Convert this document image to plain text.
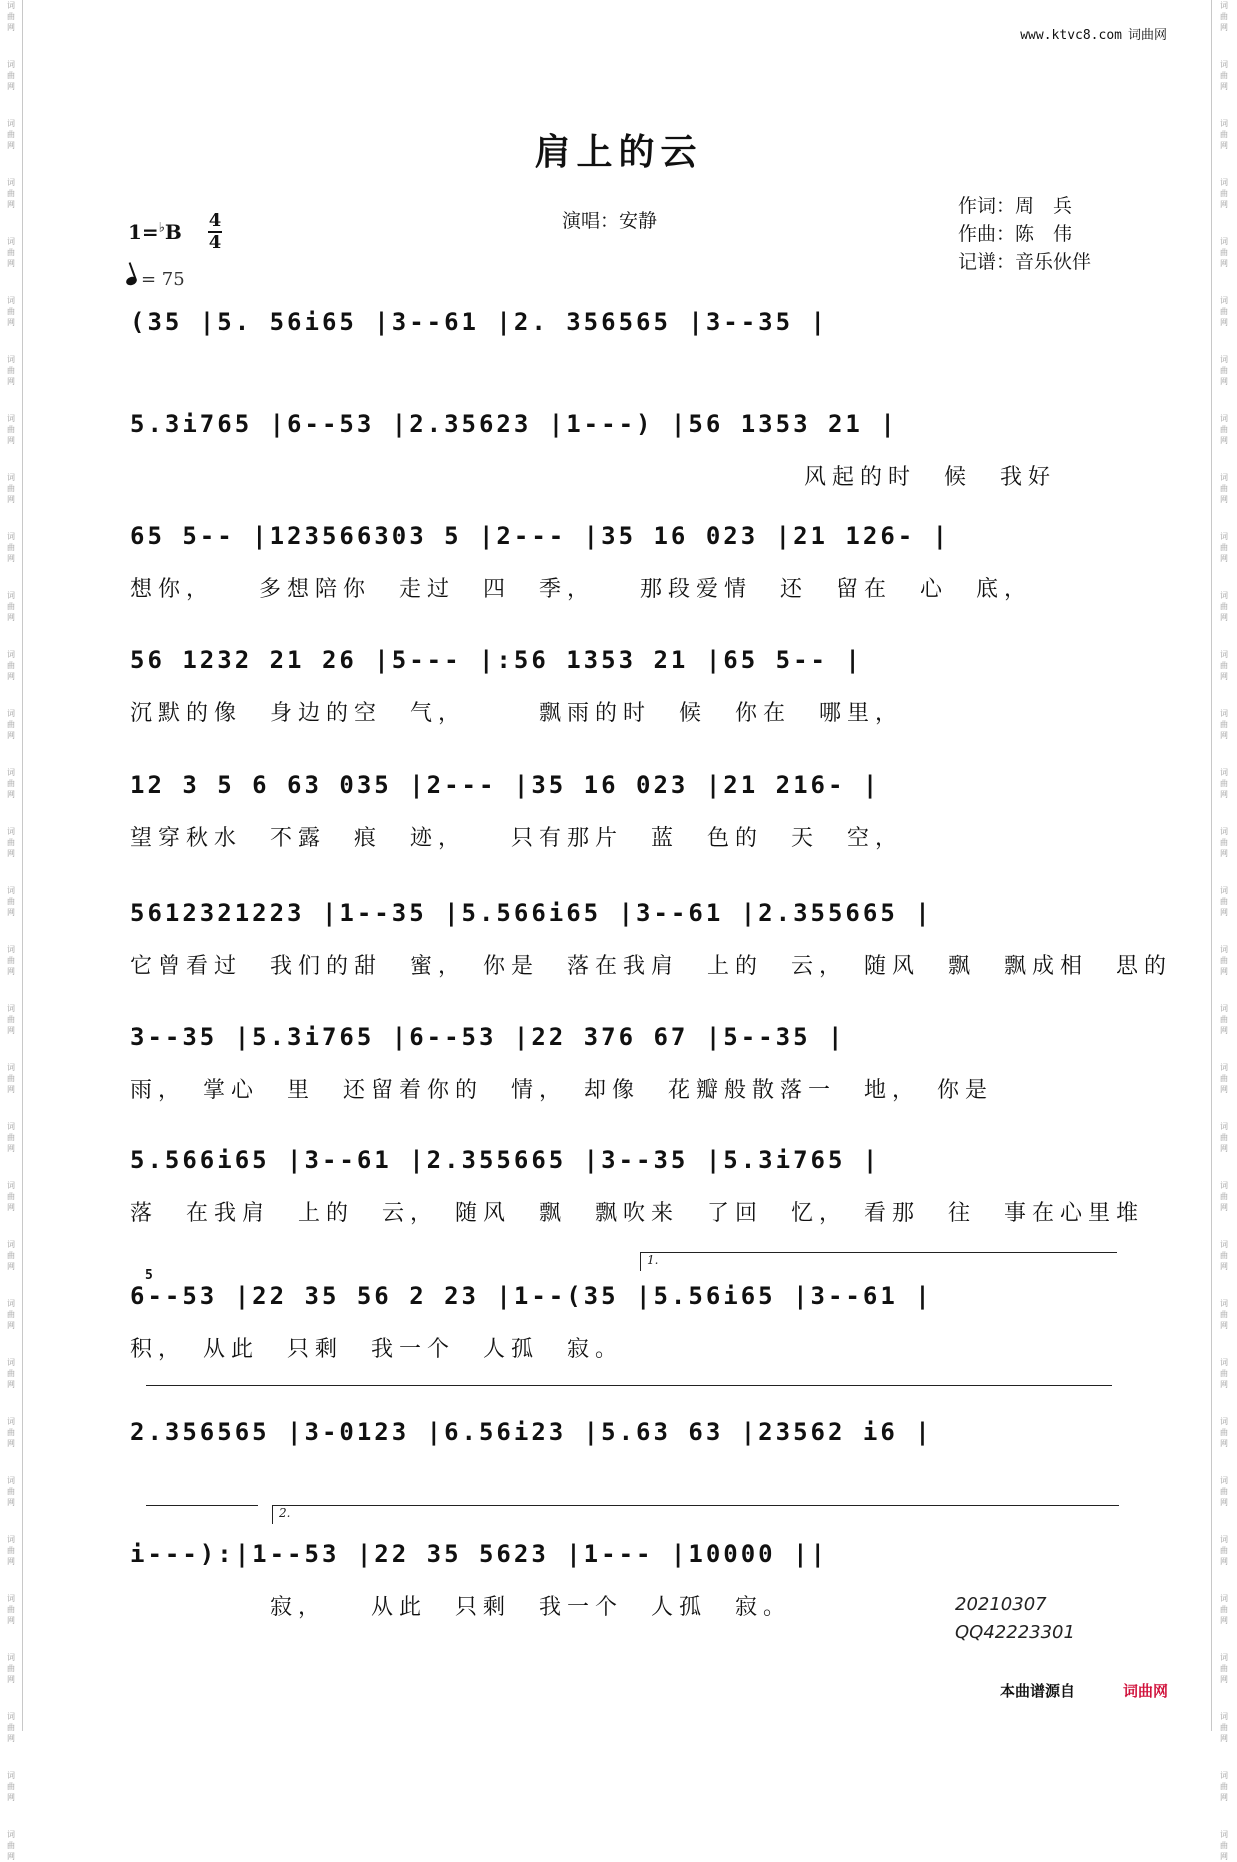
词
曲
网
词
曲
网
词
曲
网
词
曲
网
词
曲
网
词
曲
网
词
曲
网
词
曲
网
词
曲
网
词
曲
网
词
曲
网
词
曲
网
词
曲
网
词
曲
网
词
曲
网
词
曲
网
词
曲
网
词
曲
网
词
曲
网
词
曲
网
词
曲
网
词
曲
网
词
曲
网
词
曲
网
词
曲
网
词
曲
网
词
曲
网
词
曲
网
词
曲
网
词
曲
网
词
曲
网
词
曲
网
词
曲
网
词
曲
网
词
曲
网
词
曲
网
词
曲
网
词
曲
网
词
曲
网
词
曲
网
词
曲
网
词
曲
网
词
曲
网
词
曲
网
词
曲
网
词
曲
网
词
曲
网
词
曲
网
词
曲
网
词
曲
网
词
曲
网
词
曲
网
词
曲
网
词
曲
网
词
曲
网
词
曲
网
词
曲
网
词
曲
网
词
曲
网
词
曲
网
词
曲
网
词
曲
网
词
曲
网
词
曲
网
www.ktvc8.com 词曲网
肩上的云
演唱：安静
作词：周　兵
作曲：陈　伟
记谱：音乐伙伴
1=♭B 4
4
= 75
(35 |5. 56i65 |3--61 |2. 356565 |3--35 |
5.3i765 |6--53 |2.35623 |1---) |56 1353 21 |
风起的时　候　我好
65 5-- |123566303 5 |2--- |35 16 023 |21 126- |
想你，　　多想陪你　走过　四　季，　　那段爱情　还　留在　心　底，
56 1232 21 26 |5--- |:56 1353 21 |65 5-- |
沉默的像　身边的空　气，　　　飘雨的时　候　你在　哪里，
12 3 5 6 63 035 |2--- |35 16 023 |21 216- |
望穿秋水　不露　痕　迹，　　只有那片　蓝　色的　天　空，
5612321223 |1--35 |5.566i65 |3--61 |2.355665 |
它曾看过　我们的甜　蜜，　你是　落在我肩　上的　云，　随风　飘　飘成相　思的
3--35 |5.3i765 |6--53 |22 376 67 |5--35 |
雨，　掌心　里　还留着你的　情，　却像　花瓣般散落一　地，　你是
5.566i65 |3--61 |2.355665 |3--35 |5.3i765 |
落　在我肩　上的　云，　随风　飘　飘吹来　了回　忆，　看那　往　事在心里堆
6--53 |22 35 56 2 23 |1--(35 |5.56i65 |3--61 |
积，　从此　只剩　我一个　人孤　寂。
1.
5
2.356565 |3-0123 |6.56i23 |5.63 63 |23562 i6 |
2.
i---):|1--53 |22 35 5623 |1--- |10000 ||
寂，　　从此　只剩　我一个　人孤　寂。	20210307
QQ42223301
本曲谱源自	词曲网
